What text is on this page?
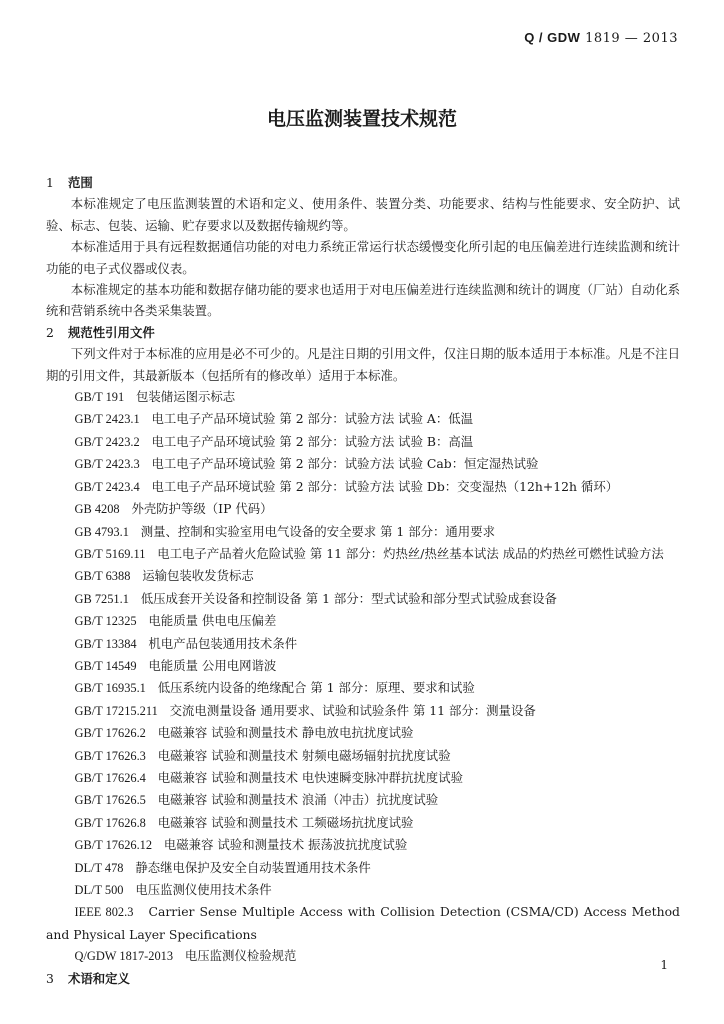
Q / GDW 1819 — 2013
电压监测装置技术规范

1 范围

本标准规定了电压监测装置的术语和定义、使用条件、装置分类、功能要求、结构与性能要求、安全防护、试验、标志、包装、运输、贮存要求以及数据传输规约等。

本标准适用于具有远程数据通信功能的对电力系统正常运行状态缓慢变化所引起的电压偏差进行连续监测和统计功能的电子式仪器或仪表。

本标准规定的基本功能和数据存储功能的要求也适用于对电压偏差进行连续监测和统计的调度（厂站）自动化系统和营销系统中各类采集装置。

2 规范性引用文件

下列文件对于本标准的应用是必不可少的。凡是注日期的引用文件，仅注日期的版本适用于本标准。凡是不注日期的引用文件，其最新版本（包括所有的修改单）适用于本标准。

GB/T 191 包装储运图示标志

GB/T 2423.1 电工电子产品环境试验 第 2 部分：试验方法 试验 A：低温

GB/T 2423.2 电工电子产品环境试验 第 2 部分：试验方法 试验 B：高温

GB/T 2423.3 电工电子产品环境试验 第 2 部分：试验方法 试验 Cab：恒定湿热试验

GB/T 2423.4 电工电子产品环境试验 第 2 部分：试验方法 试验 Db：交变湿热（12h+12h 循环）

GB 4208 外壳防护等级（IP 代码）

GB 4793.1 测量、控制和实验室用电气设备的安全要求 第 1 部分：通用要求

GB/T 5169.11 电工电子产品着火危险试验 第 11 部分：灼热丝/热丝基本试法 成品的灼热丝可燃性试验方法

GB/T 6388 运输包装收发货标志

GB 7251.1 低压成套开关设备和控制设备 第 1 部分：型式试验和部分型式试验成套设备

GB/T 12325 电能质量 供电电压偏差

GB/T 13384 机电产品包装通用技术条件

GB/T 14549 电能质量 公用电网谐波

GB/T 16935.1 低压系统内设备的绝缘配合 第 1 部分：原理、要求和试验

GB/T 17215.211 交流电测量设备 通用要求、试验和试验条件 第 11 部分：测量设备

GB/T 17626.2 电磁兼容 试验和测量技术 静电放电抗扰度试验

GB/T 17626.3 电磁兼容 试验和测量技术 射频电磁场辐射抗扰度试验

GB/T 17626.4 电磁兼容 试验和测量技术 电快速瞬变脉冲群抗扰度试验

GB/T 17626.5 电磁兼容 试验和测量技术 浪涌（冲击）抗扰度试验

GB/T 17626.8 电磁兼容 试验和测量技术 工频磁场抗扰度试验

GB/T 17626.12 电磁兼容 试验和测量技术 振荡波抗扰度试验

DL/T 478 静态继电保护及安全自动装置通用技术条件

DL/T 500 电压监测仪使用技术条件

IEEE 802.3 Carrier Sense Multiple Access with Collision Detection (CSMA/CD) Access Method and Physical Layer Specifications

Q/GDW 1817-2013 电压监测仪检验规范

3 术语和定义

1
